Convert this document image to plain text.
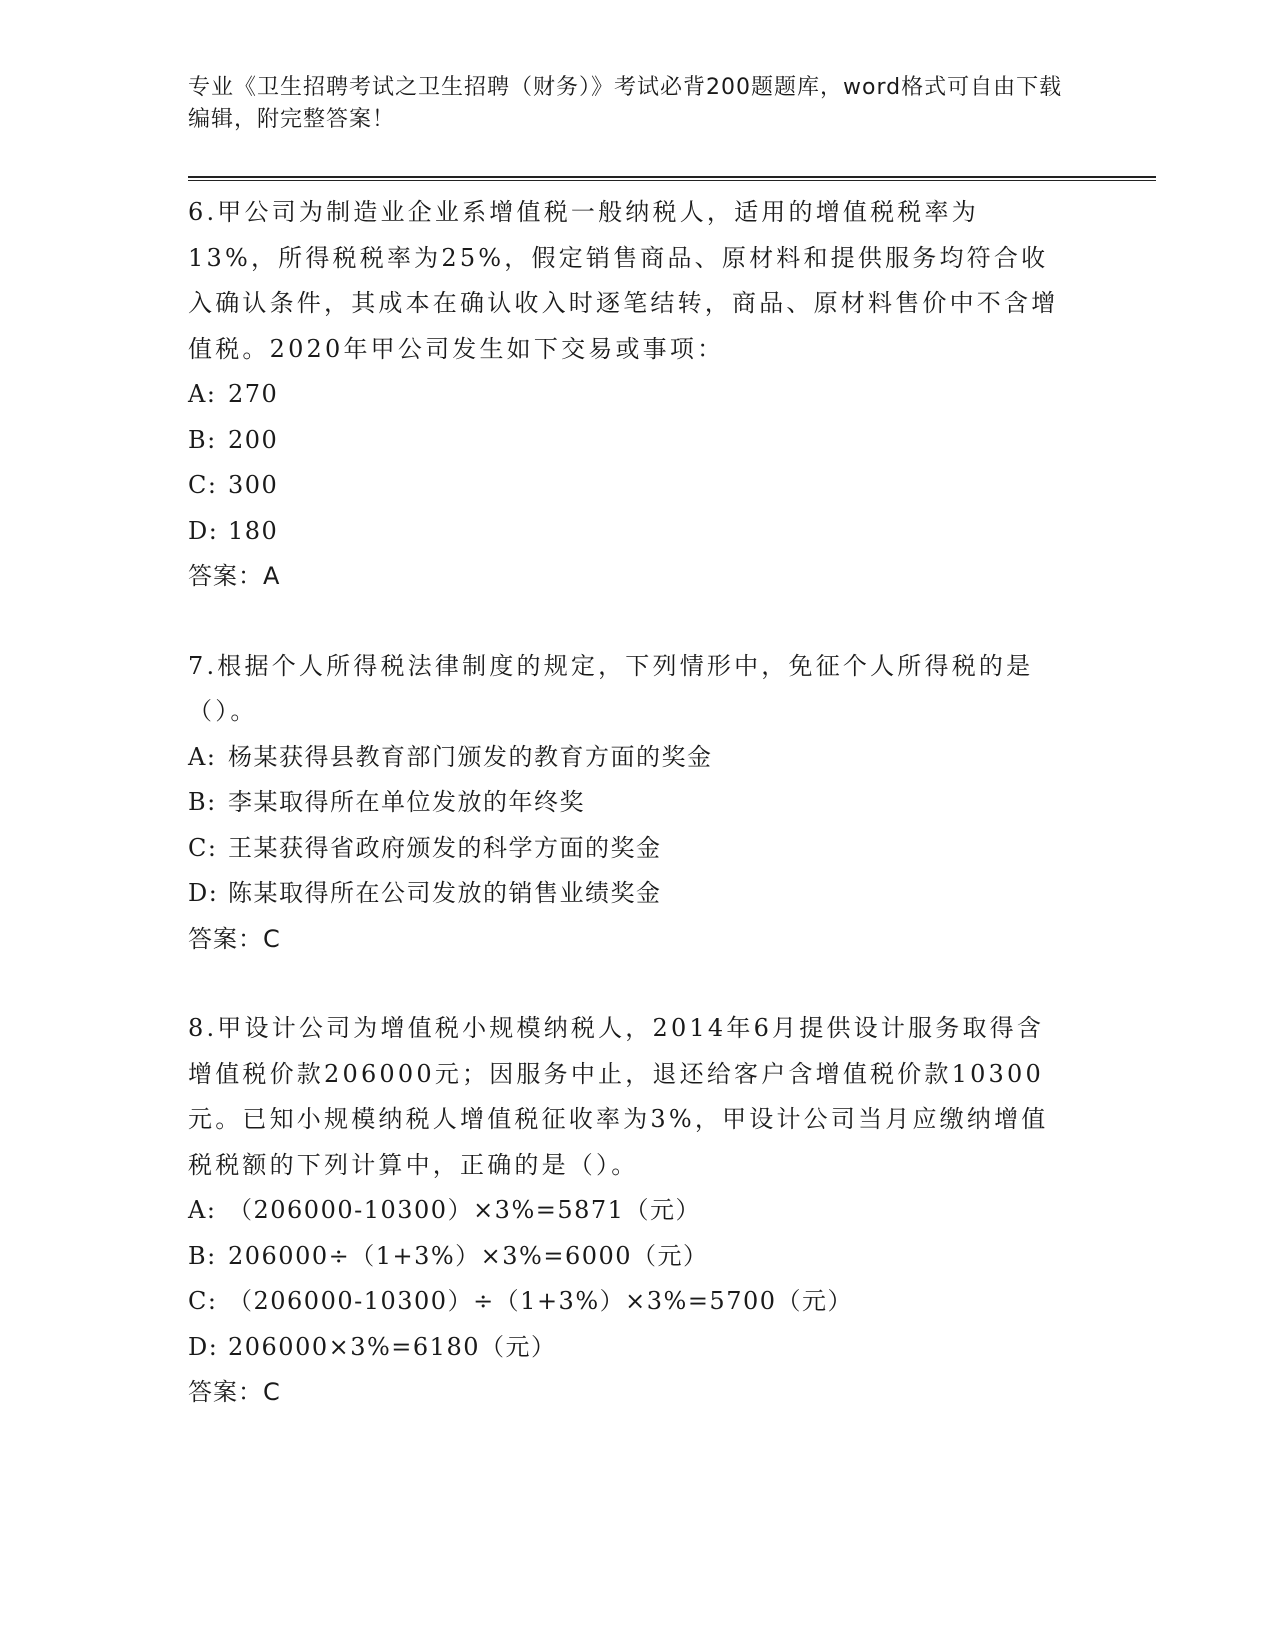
专业《卫生招聘考试之卫生招聘（财务）》考试必背200题题库，word格式可自由下载编辑，附完整答案！

6.甲公司为制造业企业系增值税一般纳税人，适用的增值税税率为13%，所得税税率为25%，假定销售商品、原材料和提供服务均符合收入确认条件，其成本在确认收入时逐笔结转，商品、原材料售价中不含增值税。2020年甲公司发生如下交易或事项：

A: 270

B: 200

C: 300

D: 180

答案：A

7.根据个人所得税法律制度的规定，下列情形中，免征个人所得税的是（）。

A: 杨某获得县教育部门颁发的教育方面的奖金

B: 李某取得所在单位发放的年终奖

C: 王某获得省政府颁发的科学方面的奖金

D: 陈某取得所在公司发放的销售业绩奖金

答案：C

8.甲设计公司为增值税小规模纳税人，2014年6月提供设计服务取得含增值税价款206000元；因服务中止，退还给客户含增值税价款10300元。已知小规模纳税人增值税征收率为3%，甲设计公司当月应缴纳增值税税额的下列计算中，正确的是（）。

A: （206000-10300）×3%=5871（元）

B: 206000÷（1+3%）×3%=6000（元）

C: （206000-10300）÷（1+3%）×3%=5700（元）

D: 206000×3%=6180（元）

答案：C
